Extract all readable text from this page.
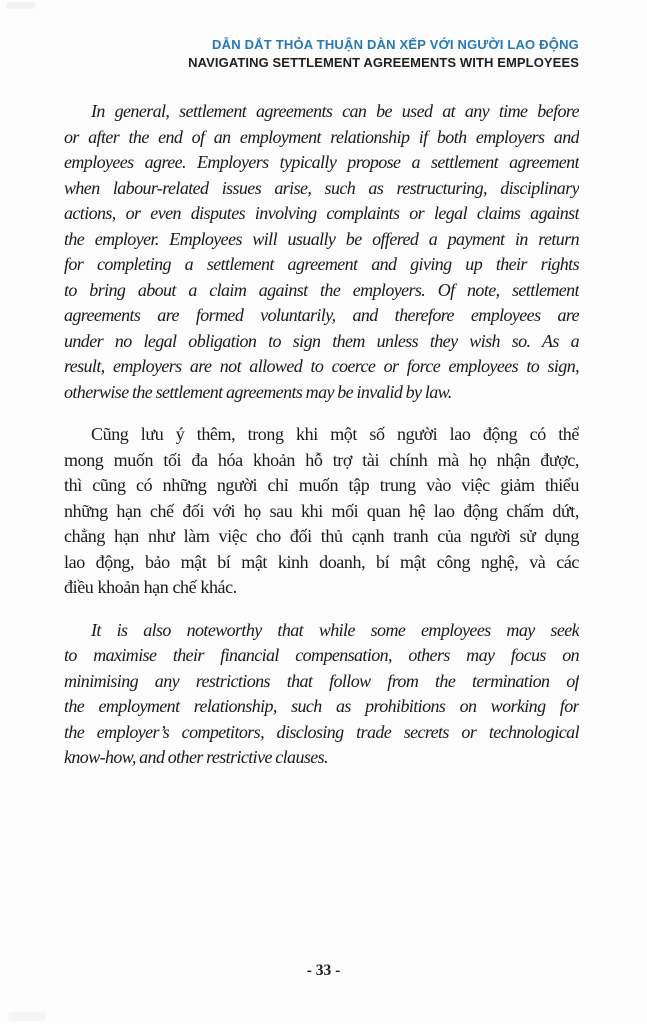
DẪN DẮT THỎA THUẬN DÀN XẾP VỚI NGƯỜI LAO ĐỘNG
NAVIGATING SETTLEMENT AGREEMENTS WITH EMPLOYEES
In general, settlement agreements can be used at any time before
or after the end of an employment relationship if both employers and
employees agree. Employers typically propose a settlement agreement
when labour-related issues arise, such as restructuring, disciplinary
actions, or even disputes involving complaints or legal claims against
the employer. Employees will usually be offered a payment in return
for completing a settlement agreement and giving up their rights
to bring about a claim against the employers. Of note, settlement
agreements are formed voluntarily, and therefore employees are
under no legal obligation to sign them unless they wish so. As a
result, employers are not allowed to coerce or force employees to sign,
otherwise the settlement agreements may be invalid by law.
Cũng lưu ý thêm, trong khi một số người lao động có thể
mong muốn tối đa hóa khoản hỗ trợ tài chính mà họ nhận được,
thì cũng có những người chỉ muốn tập trung vào việc giảm thiểu
những hạn chế đối với họ sau khi mối quan hệ lao động chấm dứt,
chẳng hạn như làm việc cho đối thủ cạnh tranh của người sử dụng
lao động, bảo mật bí mật kinh doanh, bí mật công nghệ, và các
điều khoản hạn chế khác.
It is also noteworthy that while some employees may seek
to maximise their financial compensation, others may focus on
minimising any restrictions that follow from the termination of
the employment relationship, such as prohibitions on working for
the employer’s competitors, disclosing trade secrets or technological
know-how, and other restrictive clauses.
- 33 -
